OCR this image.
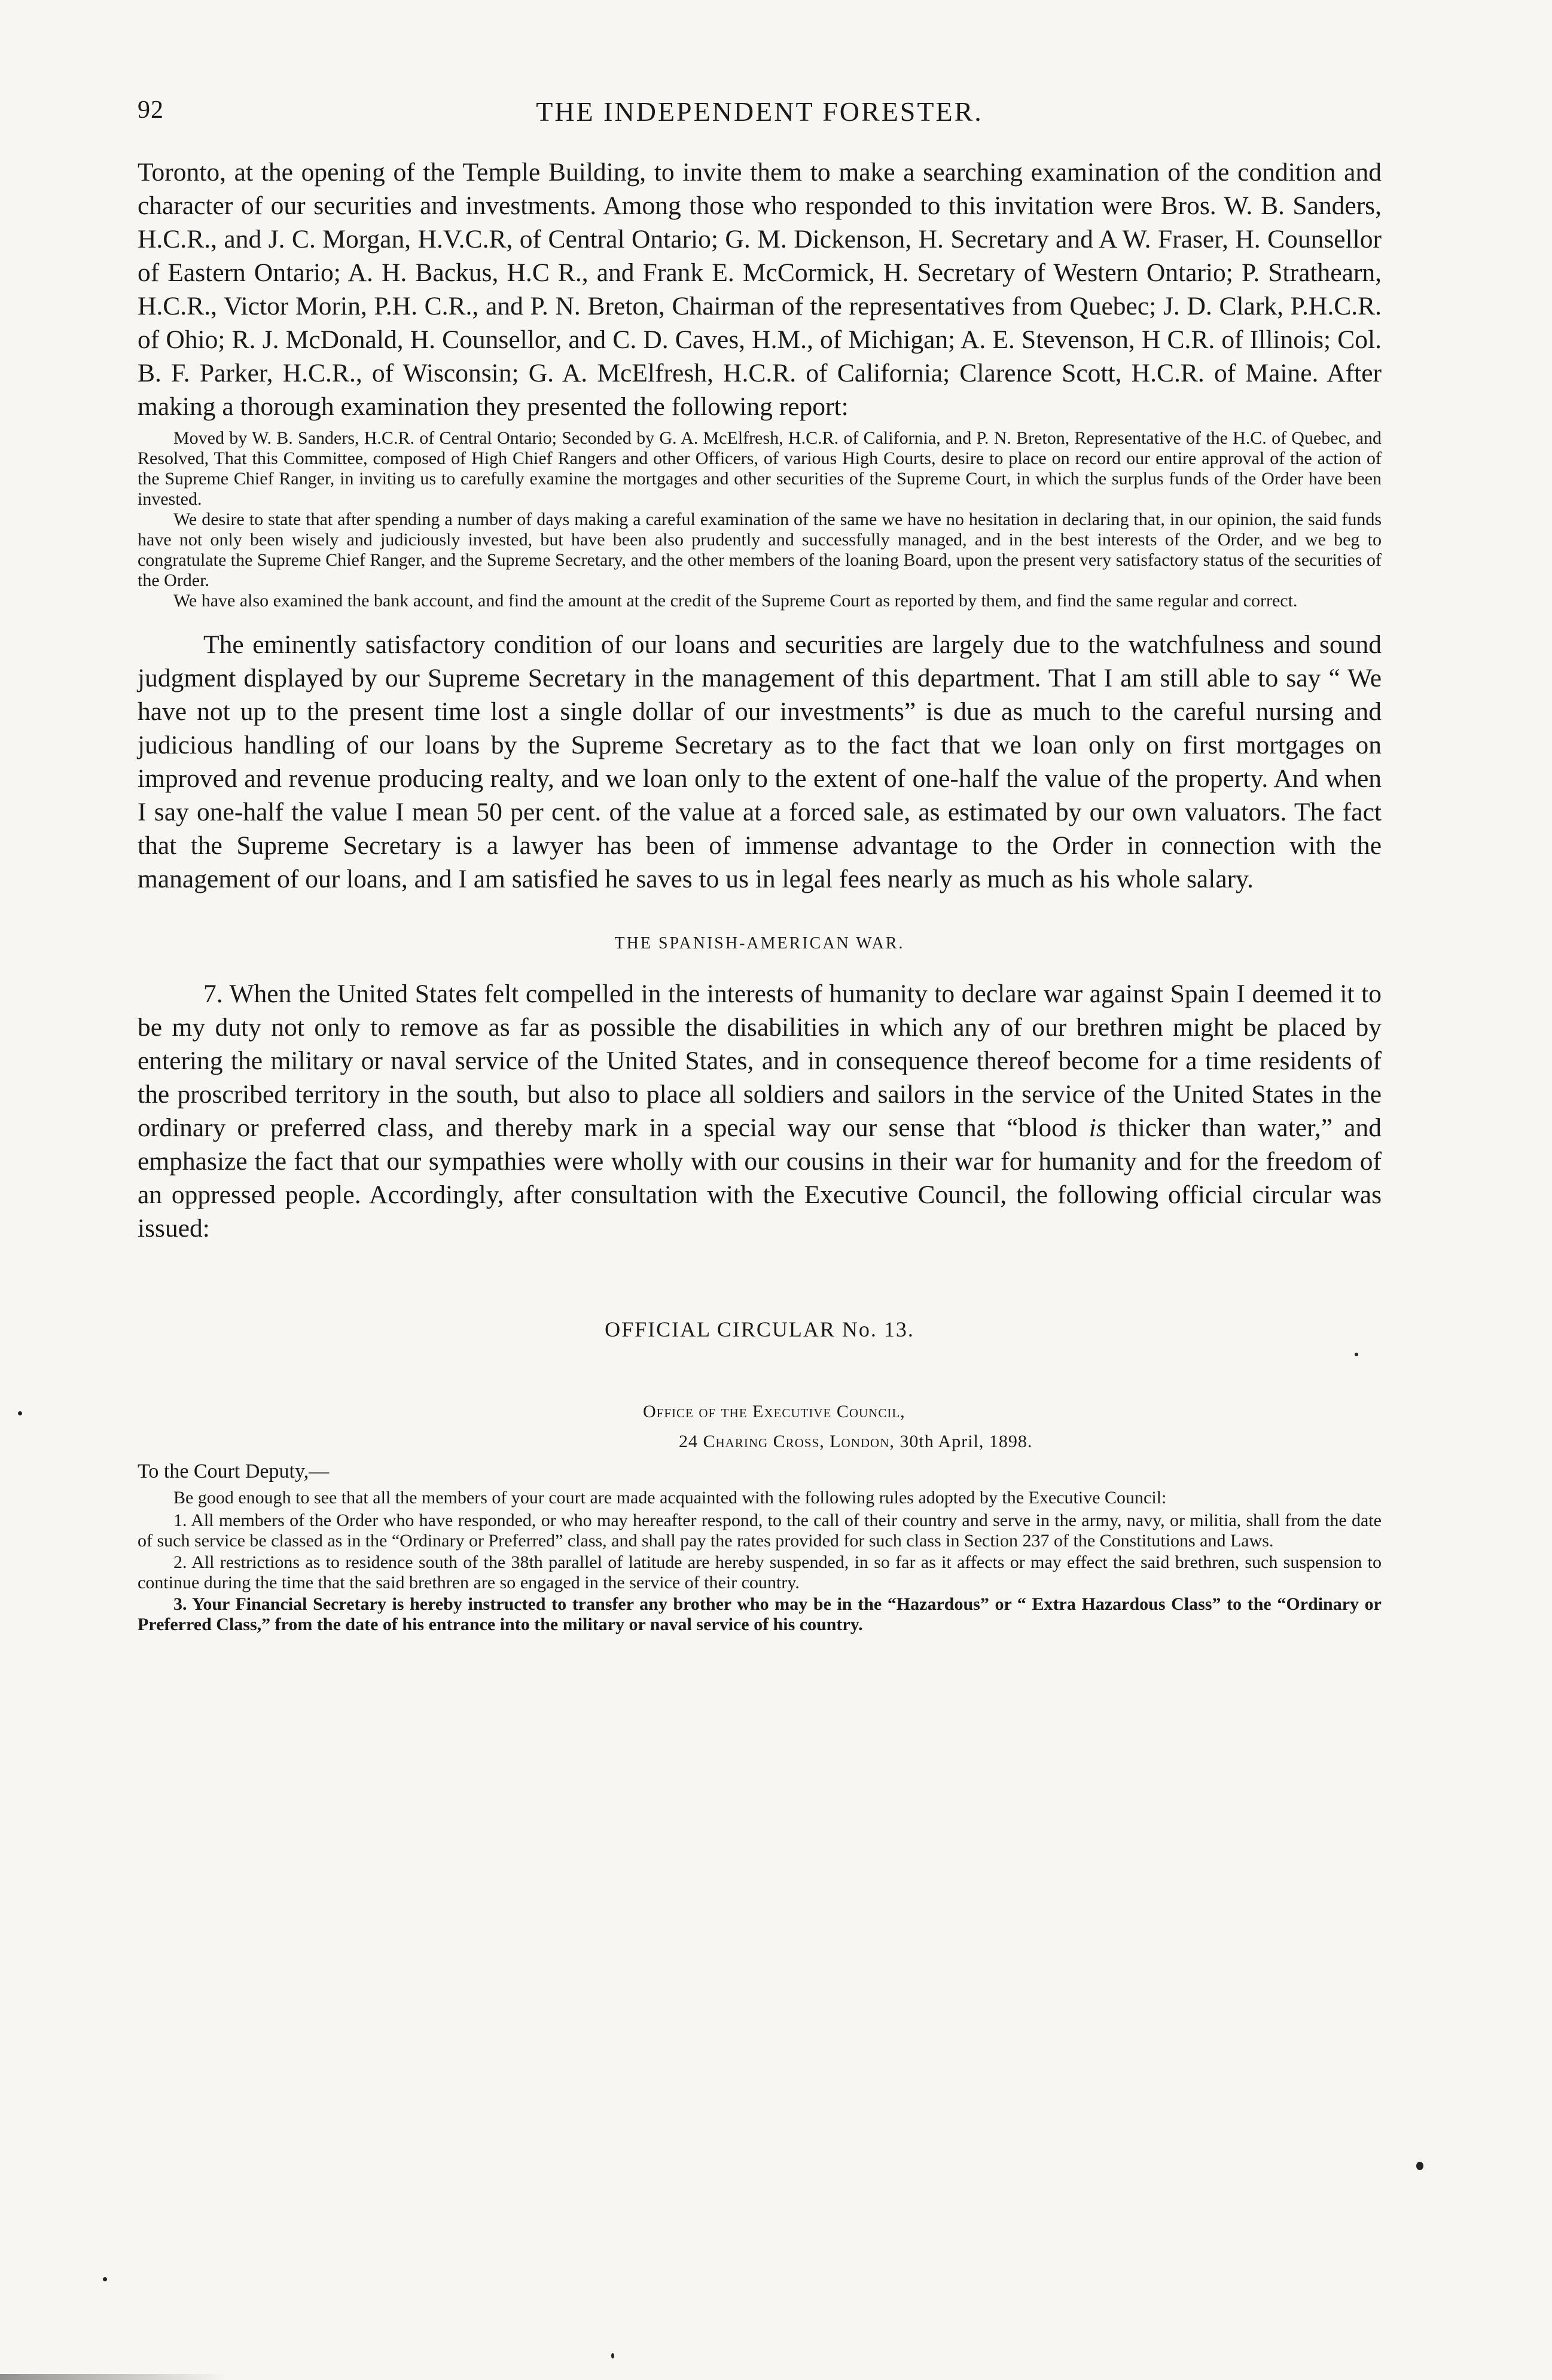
92	THE INDEPENDENT FORESTER.

Toronto, at the opening of the Temple Building, to invite them to make a searching examination of the condition and character of our securities and investments. Among those who responded to this invitation were Bros. W. B. Sanders, H.C.R., and J. C. Morgan, H.V.C.R, of Central Ontario; G. M. Dickenson, H. Secretary and A W. Fraser, H. Counsellor of Eastern Ontario; A. H. Backus, H.C R., and Frank E. McCormick, H. Secretary of Western Ontario; P. Strathearn, H.C.R., Victor Morin, P.H. C.R., and P. N. Breton, Chairman of the representatives from Quebec; J. D. Clark, P.H.C.R. of Ohio; R. J. McDonald, H. Counsellor, and C. D. Caves, H.M., of Michigan; A. E. Stevenson, H C.R. of Illinois; Col. B. F. Parker, H.C.R., of Wisconsin; G. A. McElfresh, H.C.R. of California; Clarence Scott, H.C.R. of Maine. After making a thorough examination they presented the following report:

Moved by W. B. Sanders, H.C.R. of Central Ontario; Seconded by G. A. McElfresh, H.C.R. of California, and P. N. Breton, Representative of the H.C. of Quebec, and Resolved, That this Committee, composed of High Chief Rangers and other Officers, of various High Courts, desire to place on record our entire approval of the action of the Supreme Chief Ranger, in inviting us to carefully examine the mortgages and other securities of the Supreme Court, in which the surplus funds of the Order have been invested.

We desire to state that after spending a number of days making a careful examination of the same we have no hesitation in declaring that, in our opinion, the said funds have not only been wisely and judiciously invested, but have been also prudently and successfully managed, and in the best interests of the Order, and we beg to congratulate the Supreme Chief Ranger, and the Supreme Secretary, and the other members of the loaning Board, upon the present very satisfactory status of the securities of the Order.

We have also examined the bank account, and find the amount at the credit of the Supreme Court as reported by them, and find the same regular and correct.

The eminently satisfactory condition of our loans and securities are largely due to the watchfulness and sound judgment displayed by our Supreme Secretary in the management of this department. That I am still able to say “ We have not up to the present time lost a single dollar of our investments” is due as much to the careful nursing and judicious handling of our loans by the Supreme Secretary as to the fact that we loan only on first mortgages on improved and revenue producing realty, and we loan only to the extent of one-half the value of the property. And when I say one-half the value I mean 50 per cent. of the value at a forced sale, as estimated by our own valuators. The fact that the Supreme Secretary is a lawyer has been of immense advantage to the Order in connection with the management of our loans, and I am satisfied he saves to us in legal fees nearly as much as his whole salary.

THE SPANISH-AMERICAN WAR.

7. When the United States felt compelled in the interests of humanity to declare war against Spain I deemed it to be my duty not only to remove as far as possible the disabilities in which any of our brethren might be placed by entering the military or naval service of the United States, and in consequence thereof become for a time residents of the proscribed territory in the south, but also to place all soldiers and sailors in the service of the United States in the ordinary or preferred class, and thereby mark in a special way our sense that “blood is thicker than water,” and emphasize the fact that our sympathies were wholly with our cousins in their war for humanity and for the freedom of an oppressed people. Accordingly, after consultation with the Executive Council, the following official circular was issued:

OFFICIAL CIRCULAR No. 13.
Office of the Executive Council,
24 Charing Cross, London, 30th April, 1898.
To the Court Deputy,—

Be good enough to see that all the members of your court are made acquainted with the following rules adopted by the Executive Council:

1. All members of the Order who have responded, or who may hereafter respond, to the call of their country and serve in the army, navy, or militia, shall from the date of such service be classed as in the “Ordinary or Preferred” class, and shall pay the rates provided for such class in Section 237 of the Constitutions and Laws.

2. All restrictions as to residence south of the 38th parallel of latitude are hereby suspended, in so far as it affects or may effect the said brethren, such suspension to continue during the time that the said brethren are so engaged in the service of their country.

3. Your Financial Secretary is hereby instructed to transfer any brother who may be in the “Hazardous” or “ Extra Hazardous Class” to the “Ordinary or Preferred Class,” from the date of his entrance into the military or naval service of his country.
